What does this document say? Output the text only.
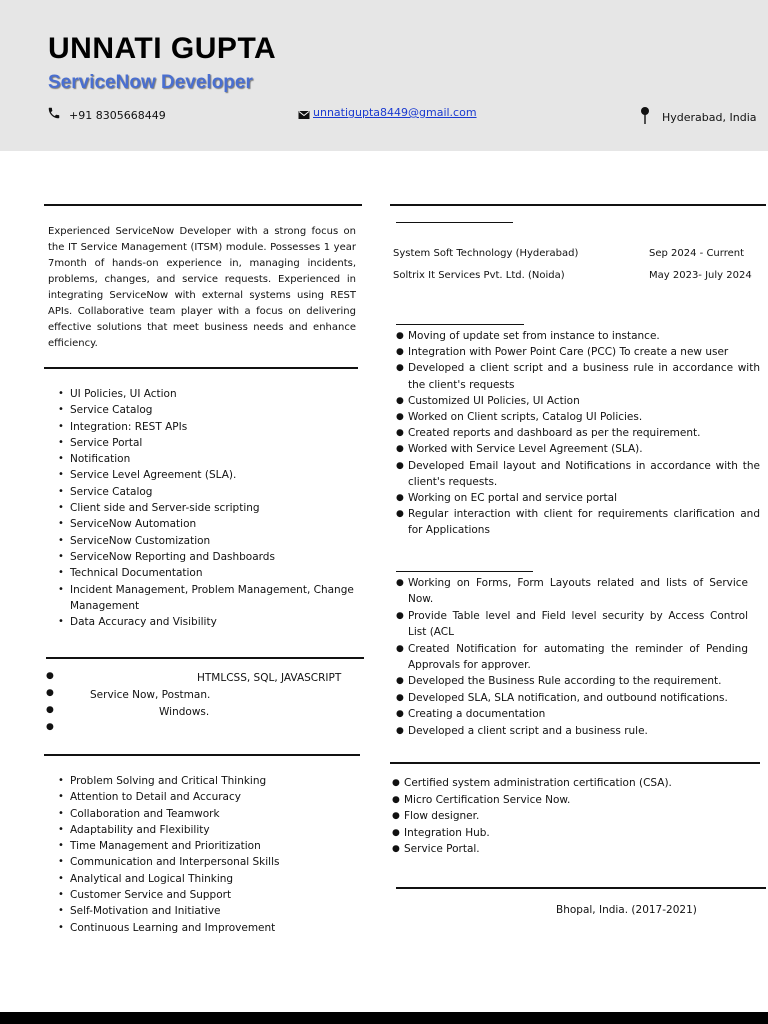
UNNATI GUPTA
ServiceNow Developer
+91 8305668449	unnatigupta8449@gmail.com	Hyderabad, India
Experienced ServiceNow Developer with a strong focus on the IT Service Management (ITSM) module. Possesses 1 year 7month of hands-on experience in, managing incidents, problems, changes, and service requests. Experienced in integrating ServiceNow with external systems using REST APIs. Collaborative team player with a focus on delivering effective solutions that meet business needs and enhance efficiency.
• UI Policies, UI Action
• Service Catalog
• Integration: REST APIs
• Service Portal
• Notification
• Service Level Agreement (SLA).
• Service Catalog
• Client side and Server-side scripting
• ServiceNow Automation
• ServiceNow Customization
• ServiceNow Reporting and Dashboards
• Technical Documentation
• Incident Management, Problem Management, Change Management
• Data Accuracy and Visibility
●	HTMLCSS, SQL, JAVASCRIPT
●	Service Now, Postman.
●	Windows.
●
• Problem Solving and Critical Thinking
• Attention to Detail and Accuracy
• Collaboration and Teamwork
• Adaptability and Flexibility
• Time Management and Prioritization
• Communication and Interpersonal Skills
• Analytical and Logical Thinking
• Customer Service and Support
• Self-Motivation and Initiative
• Continuous Learning and Improvement
System Soft Technology (Hyderabad)	Sep 2024 - Current
Soltrix It Services Pvt. Ltd. (Noida)	May 2023- July 2024
● Moving of update set from instance to instance.
● Integration with Power Point Care (PCC) To create a new user
● Developed a client script and a business rule in accordance with the client's requests
● Customized UI Policies, UI Action
● Worked on Client scripts, Catalog UI Policies.
● Created reports and dashboard as per the requirement.
● Worked with Service Level Agreement (SLA).
● Developed Email layout and Notifications in accordance with the client's requests.
● Working on EC portal and service portal
● Regular interaction with client for requirements clarification and for Applications
● Working on Forms, Form Layouts related and lists of Service Now.
● Provide Table level and Field level security by Access Control List (ACL
● Created Notification for automating the reminder of Pending Approvals for approver.
● Developed the Business Rule according to the requirement.
● Developed SLA, SLA notification, and outbound notifications.
● Creating a documentation
● Developed a client script and a business rule.
● Certified system administration certification (CSA).
● Micro Certification Service Now.
● Flow designer.
● Integration Hub.
● Service Portal.
Bhopal, India. (2017-2021)
